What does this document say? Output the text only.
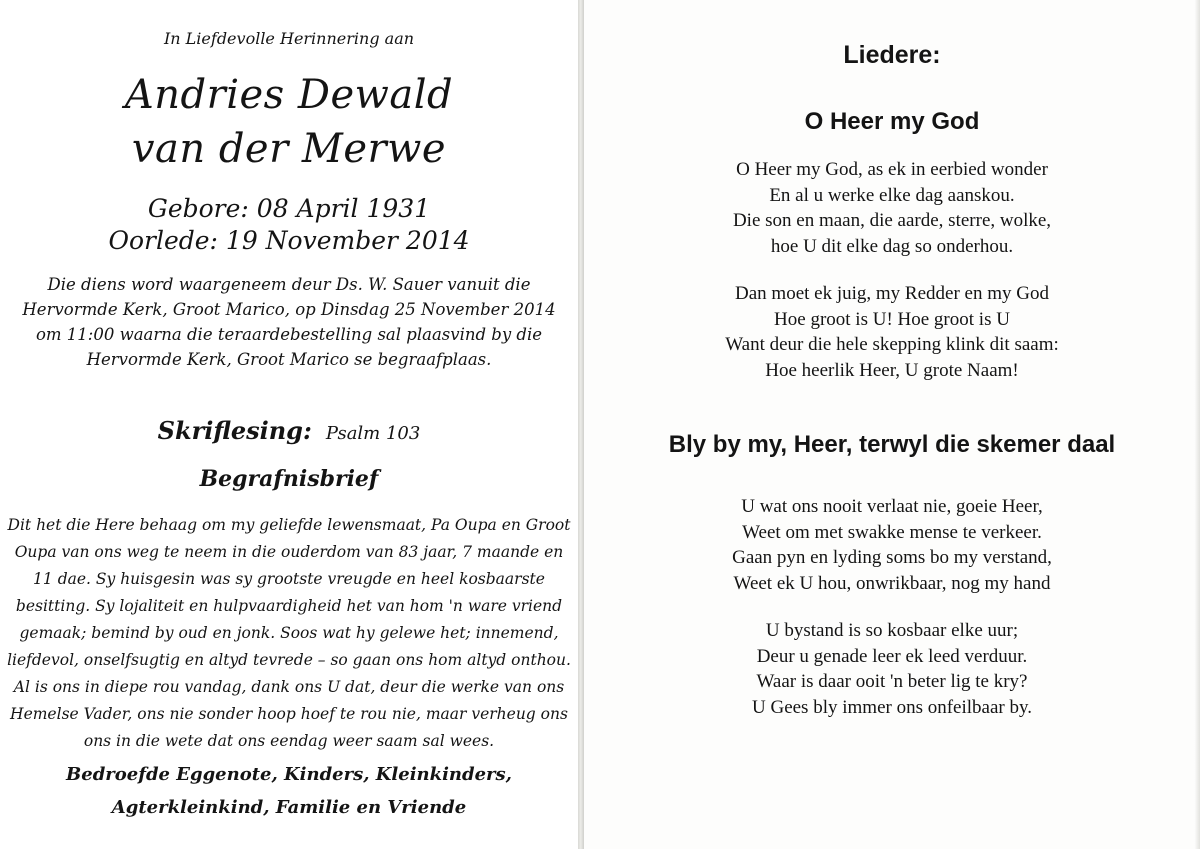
In Liefdevolle Herinnering aan

Andries Dewald

van der Merwe

Gebore: 08 April 1931

Oorlede: 19 November 2014

Die diens word waargeneem deur Ds. W. Sauer vanuit die Hervormde Kerk, Groot Marico, op Dinsdag 25 November 2014 om 11:00 waarna die teraardebestelling sal plaasvind by die Hervormde Kerk, Groot Marico se begraafplaas.

Skriflesing: Psalm 103

Begrafnisbrief

Dit het die Here behaag om my geliefde lewensmaat, Pa Oupa en Groot Oupa van ons weg te neem in die ouderdom van 83 jaar, 7 maande en 11 dae. Sy huisgesin was sy grootste vreugde en heel kosbaarste besitting. Sy lojaliteit en hulpvaardigheid het van hom 'n ware vriend gemaak; bemind by oud en jonk. Soos wat hy gelewe het; innemend, liefdevol, onselfsugtig en altyd tevrede – so gaan ons hom altyd onthou. Al is ons in diepe rou vandag, dank ons U dat, deur die werke van ons Hemelse Vader, ons nie sonder hoop hoef te rou nie, maar verheug ons ons in die wete dat ons eendag weer saam sal wees.

Bedroefde Eggenote, Kinders, Kleinkinders,

Agterkleinkind, Familie en Vriende

Liedere:

O Heer my God

O Heer my God, as ek in eerbied wonder
En al u werke elke dag aanskou.
Die son en maan, die aarde, sterre, wolke,
hoe U dit elke dag so onderhou.

Dan moet ek juig, my Redder en my God
Hoe groot is U! Hoe groot is U
Want deur die hele skepping klink dit saam:
Hoe heerlik Heer, U grote Naam!

Bly by my, Heer, terwyl die skemer daal

U wat ons nooit verlaat nie, goeie Heer,
Weet om met swakke mense te verkeer.
Gaan pyn en lyding soms bo my verstand,
Weet ek U hou, onwrikbaar, nog my hand

U bystand is so kosbaar elke uur;
Deur u genade leer ek leed verduur.
Waar is daar ooit 'n beter lig te kry?
U Gees bly immer ons onfeilbaar by.
